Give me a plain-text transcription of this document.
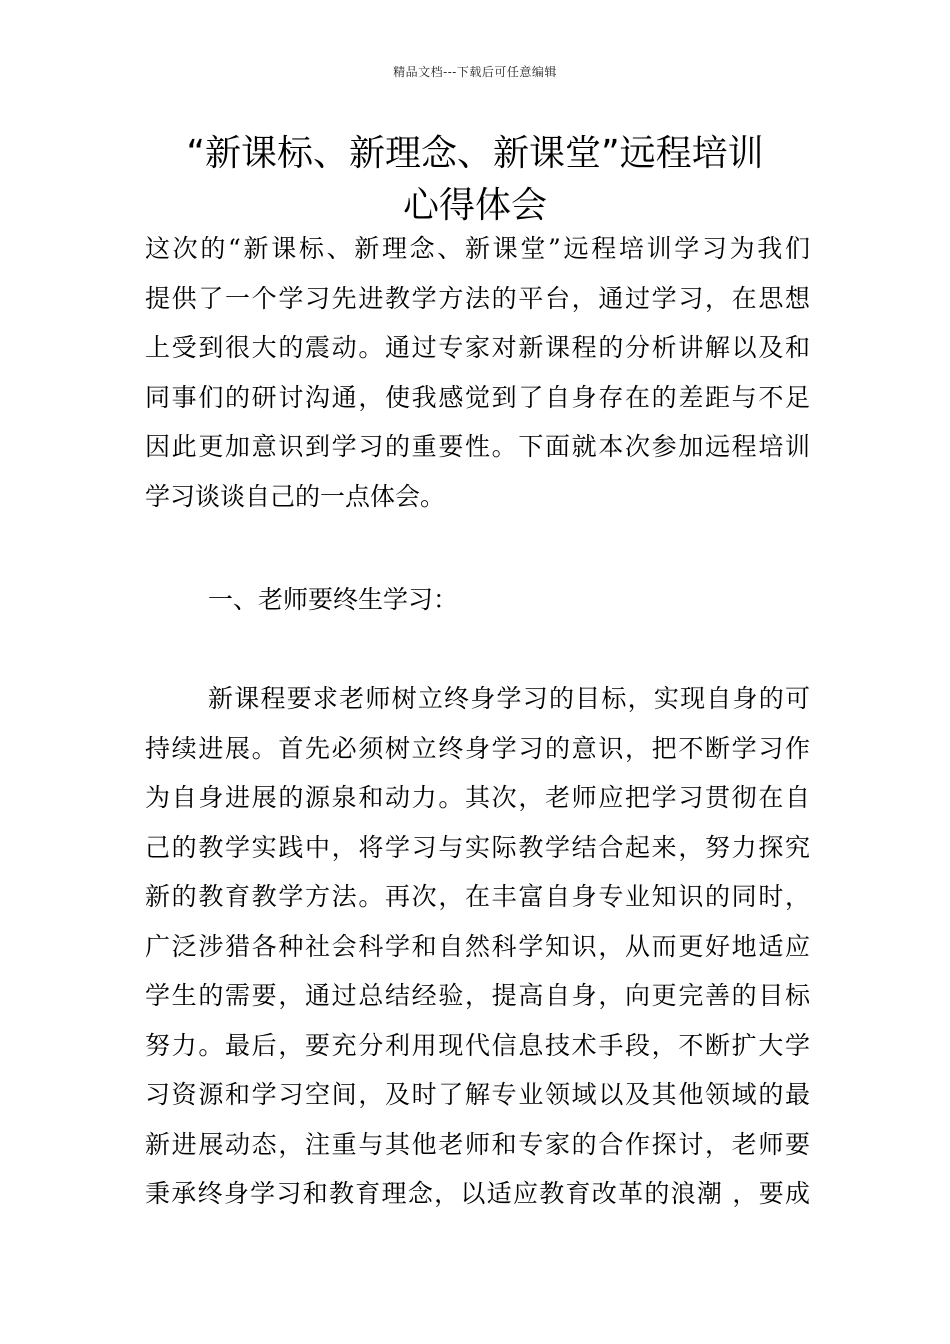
精品文档---下载后可任意编辑
“新课标、新理念、新课堂”远程培训
心得体会
这次的“新课标、新理念、新课堂”远程培训学习为我们
提供了一个学习先进教学方法的平台，通过学习，在思想
上受到很大的震动。通过专家对新课程的分析讲解以及和
同事们的研讨沟通，使我感觉到了自身存在的差距与不足
因此更加意识到学习的重要性。下面就本次参加远程培训
学习谈谈自己的一点体会。
一、老师要终生学习：
新课程要求老师树立终身学习的目标，实现自身的可
持续进展。首先必须树立终身学习的意识，把不断学习作
为自身进展的源泉和动力。其次，老师应把学习贯彻在自
己的教学实践中，将学习与实际教学结合起来，努力探究
新的教育教学方法。再次，在丰富自身专业知识的同时，
广泛涉猎各种社会科学和自然科学知识，从而更好地适应
学生的需要，通过总结经验，提高自身，向更完善的目标
努力。最后，要充分利用现代信息技术手段，不断扩大学
习资源和学习空间，及时了解专业领域以及其他领域的最
新进展动态，注重与其他老师和专家的合作探讨，老师要
秉承终身学习和教育理念，以适应教育改革的浪潮 ，要成
